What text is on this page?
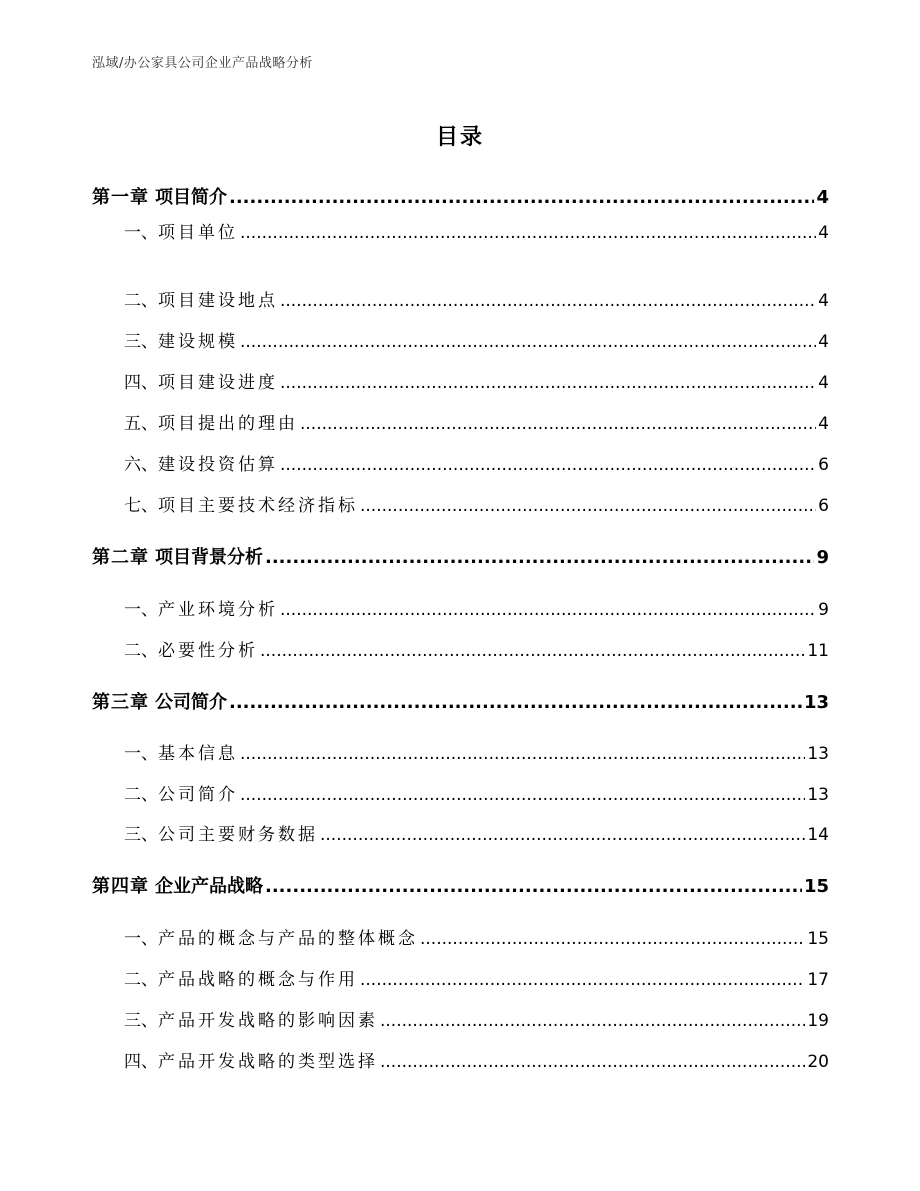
泓域/办公家具公司企业产品战略分析
目录
第一章 项目简介 .....	4
一、 项目单位 .....	4
二、 项目建设地点 .....	4
三、 建设规模 .....	4
四、 项目建设进度 .....	4
五、 项目提出的理由 .....	4
六、 建设投资估算 .....	6
七、 项目主要技术经济指标 .....	6
第二章 项目背景分析 .....	9
一、 产业环境分析 .....	9
二、 必要性分析 .....	11
第三章 公司简介 .....	13
一、 基本信息 .....	13
二、 公司简介 .....	13
三、 公司主要财务数据 .....	14
第四章 企业产品战略 .....	15
一、 产品的概念与产品的整体概念 .....	15
二、 产品战略的概念与作用 .....	17
三、 产品开发战略的影响因素 .....	19
四、 产品开发战略的类型选择 .....	20
